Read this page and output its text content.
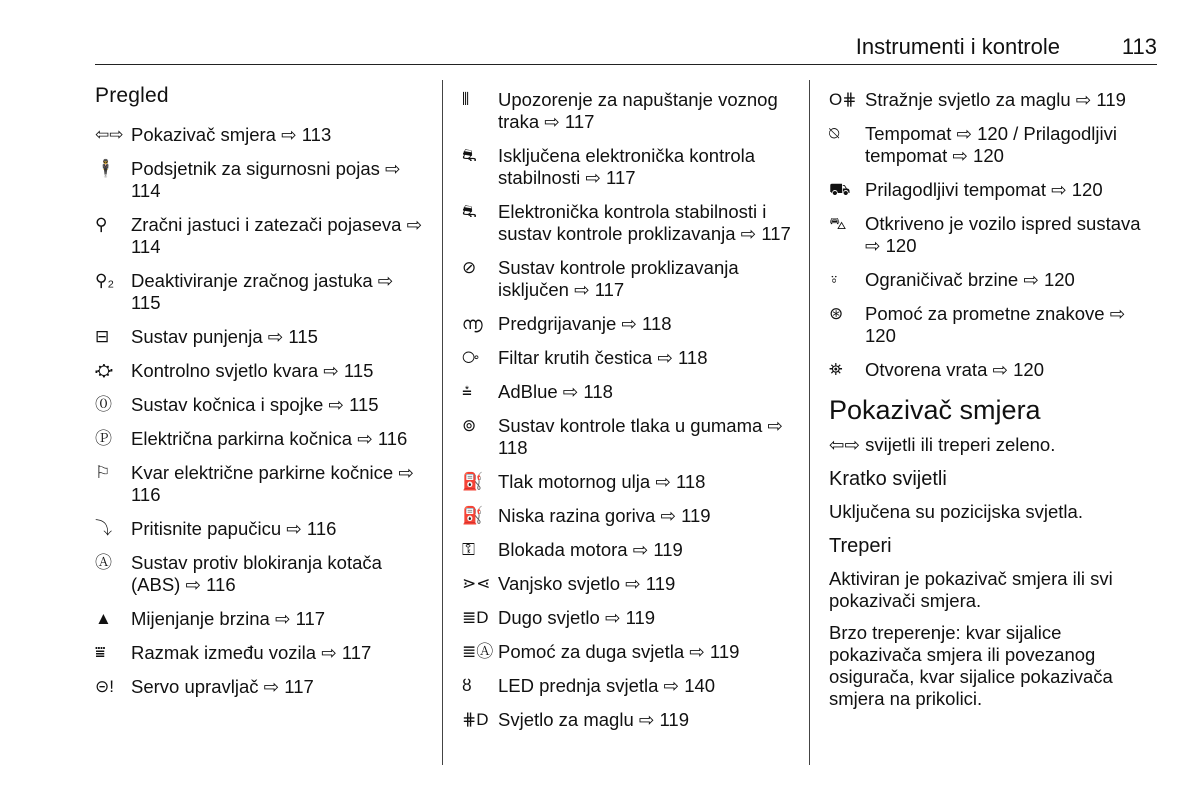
Instrumenti i kontrole	113
Pregled
⇦⇨ Pokazivač smjera ⇨ 113
🕴 Podsjetnik za sigurnosni pojas ⇨ 114
⚲	Zračni jastuci i zatezači pojaseva ⇨ 114
⚲₂ Deaktiviranje zračnog jastuka ⇨ 115
⊟	Sustav punjenja ⇨ 115
⛮ Kontrolno svjetlo kvara ⇨ 115
⓪	Sustav kočnica i spojke ⇨ 115
Ⓟ	Električna parkirna kočnica ⇨ 116
⚐	Kvar električne parkirne kočnice ⇨ 116
⤵	Pritisnite papučicu ⇨ 116
Ⓐ	Sustav protiv blokiranja kotača (ABS) ⇨ 116
▲	Mijenjanje brzina ⇨ 117
⩸	Razmak između vozila ⇨ 117
⊝! Servo upravljač ⇨ 117
⫴	Upozorenje za napuštanje voznog traka ⇨ 117
⛐	Isključena elektronička kontrola stabilnosti ⇨ 117
⛐	Elektronička kontrola stabilnosti i sustav kontrole proklizavanja ⇨ 117
⊘	Sustav kontrole proklizavanja isključen ⇨ 117
൬ Predgrijavanje ⇨ 118
⧂	Filtar krutih čestica ⇨ 118
⩮	AdBlue ⇨ 118
⊚	Sustav kontrole tlaka u gumama ⇨ 118
⛽ Tlak motornog ulja ⇨ 118
⛽ Niska razina goriva ⇨ 119
⚿	Blokada motora ⇨ 119
⋗⋖ Vanjsko svjetlo ⇨ 119
≣D Dugo svjetlo ⇨ 119
≣Ⓐ Pomoć za duga svjetla ⇨ 119
ȣ	LED prednja svjetla ⇨ 140
⋕D Svjetlo za maglu ⇨ 119
O⋕ Stražnje svjetlo za maglu ⇨ 119
⍉	Tempomat ⇨ 120 / Prilagodljivi tempomat ⇨ 120
⛟ Prilagodljivi tempomat ⇨ 120
⛍ Otkriveno je vozilo ispred sustava ⇨ 120
⍤	Ograničivač brzine ⇨ 120
⊛	Pomoć za prometne znakove ⇨ 120
⛯	Otvorena vrata ⇨ 120
Pokazivač smjera
⇦⇨ svijetli ili treperi zeleno.
Kratko svijetli
Uključena su pozicijska svjetla.
Treperi
Aktiviran je pokazivač smjera ili svi pokazivači smjera.
Brzo treperenje: kvar sijalice pokazivača smjera ili povezanog osigurača, kvar sijalice pokazivača smjera na prikolici.
